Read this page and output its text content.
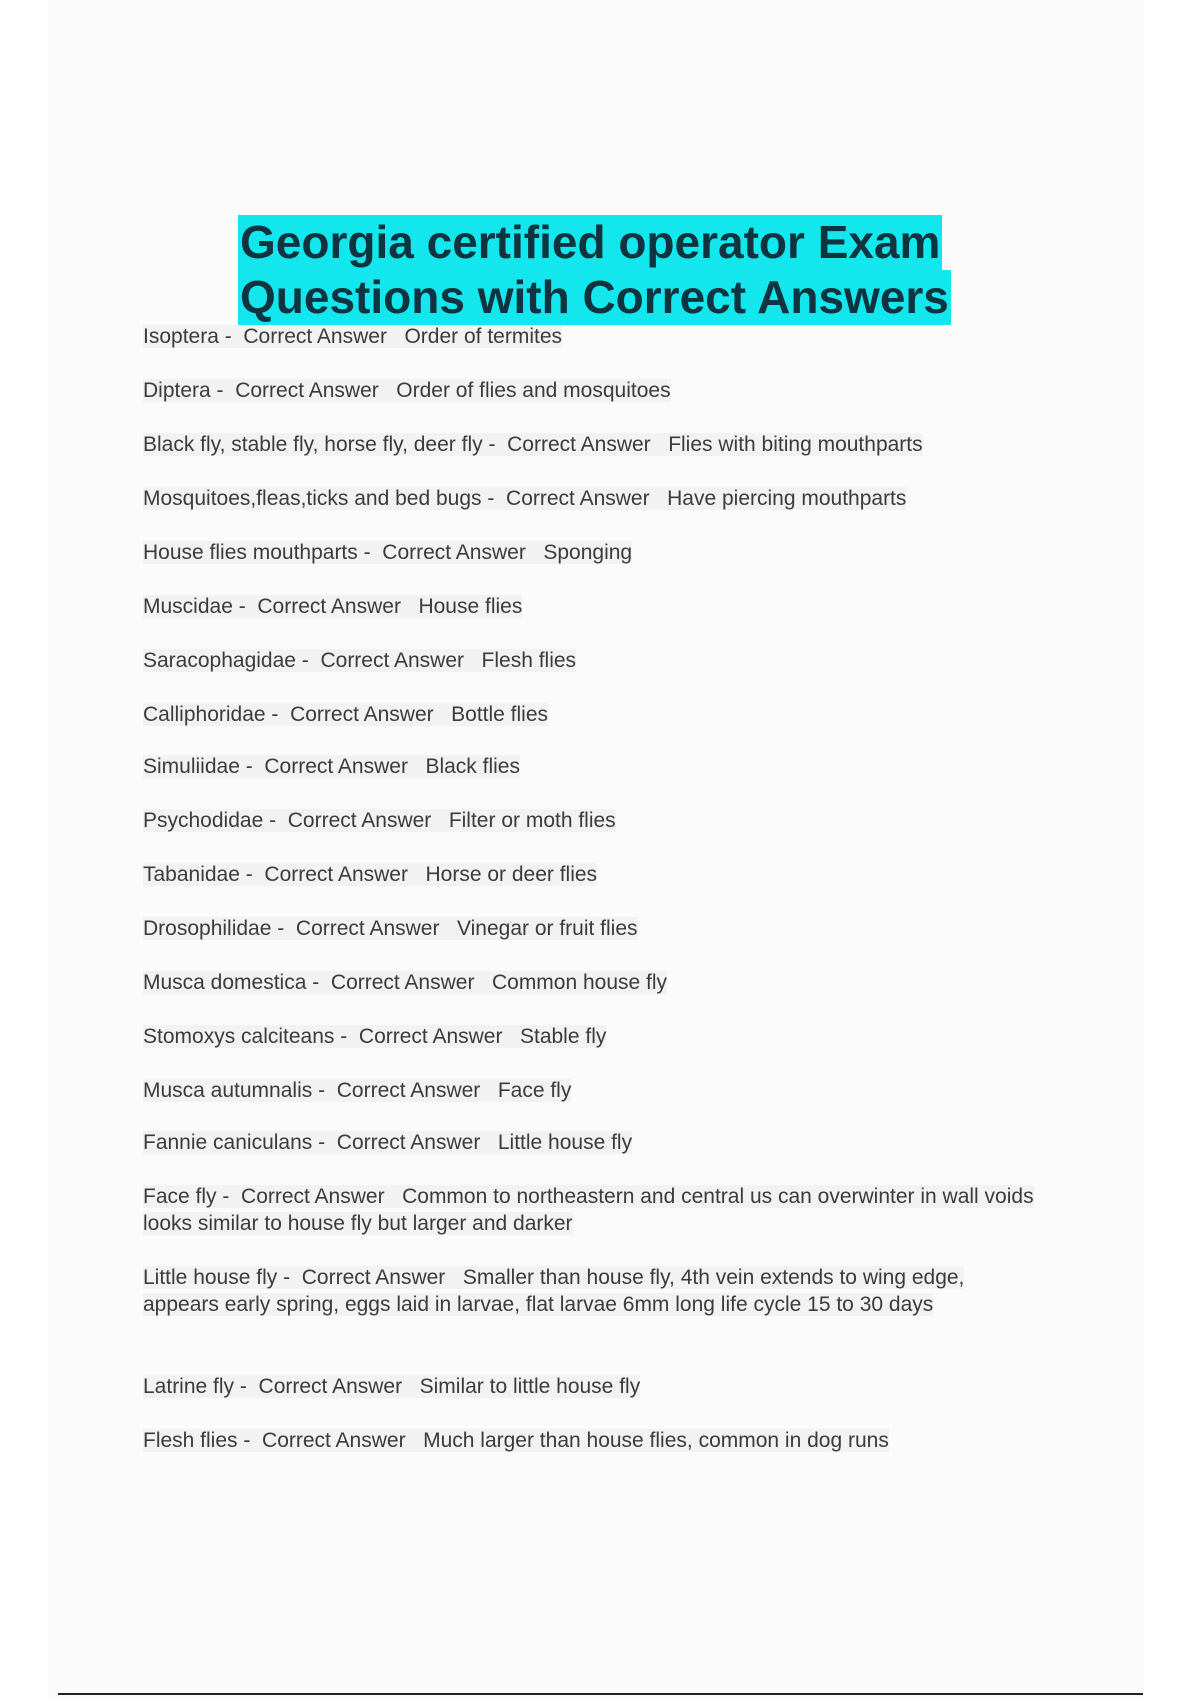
Georgia certified operator Exam
Questions with Correct Answers
Isoptera -  Correct Answer Order of termites
Diptera -  Correct Answer Order of flies and mosquitoes
Black fly, stable fly, horse fly, deer fly -  Correct Answer Flies with biting mouthparts
Mosquitoes,fleas,ticks and bed bugs -  Correct Answer Have piercing mouthparts
House flies mouthparts -  Correct Answer Sponging
Muscidae -  Correct Answer House flies
Saracophagidae -  Correct Answer Flesh flies
Calliphoridae -  Correct Answer Bottle flies
Simuliidae -  Correct Answer Black flies
Psychodidae -  Correct Answer Filter or moth flies
Tabanidae -  Correct Answer Horse or deer flies
Drosophilidae -  Correct Answer Vinegar or fruit flies
Musca domestica -  Correct Answer Common house fly
Stomoxys calciteans -  Correct Answer Stable fly
Musca autumnalis -  Correct Answer Face fly
Fannie caniculans -  Correct Answer Little house fly
Face fly -  Correct Answer Common to northeastern and central us can overwinter in wall voids looks similar to house fly but larger and darker
Little house fly -  Correct Answer Smaller than house fly, 4th vein extends to wing edge, appears early spring, eggs laid in larvae, flat larvae 6mm long life cycle 15 to 30 days
Latrine fly -  Correct Answer Similar to little house fly
Flesh flies -  Correct Answer Much larger than house flies, common in dog runs
